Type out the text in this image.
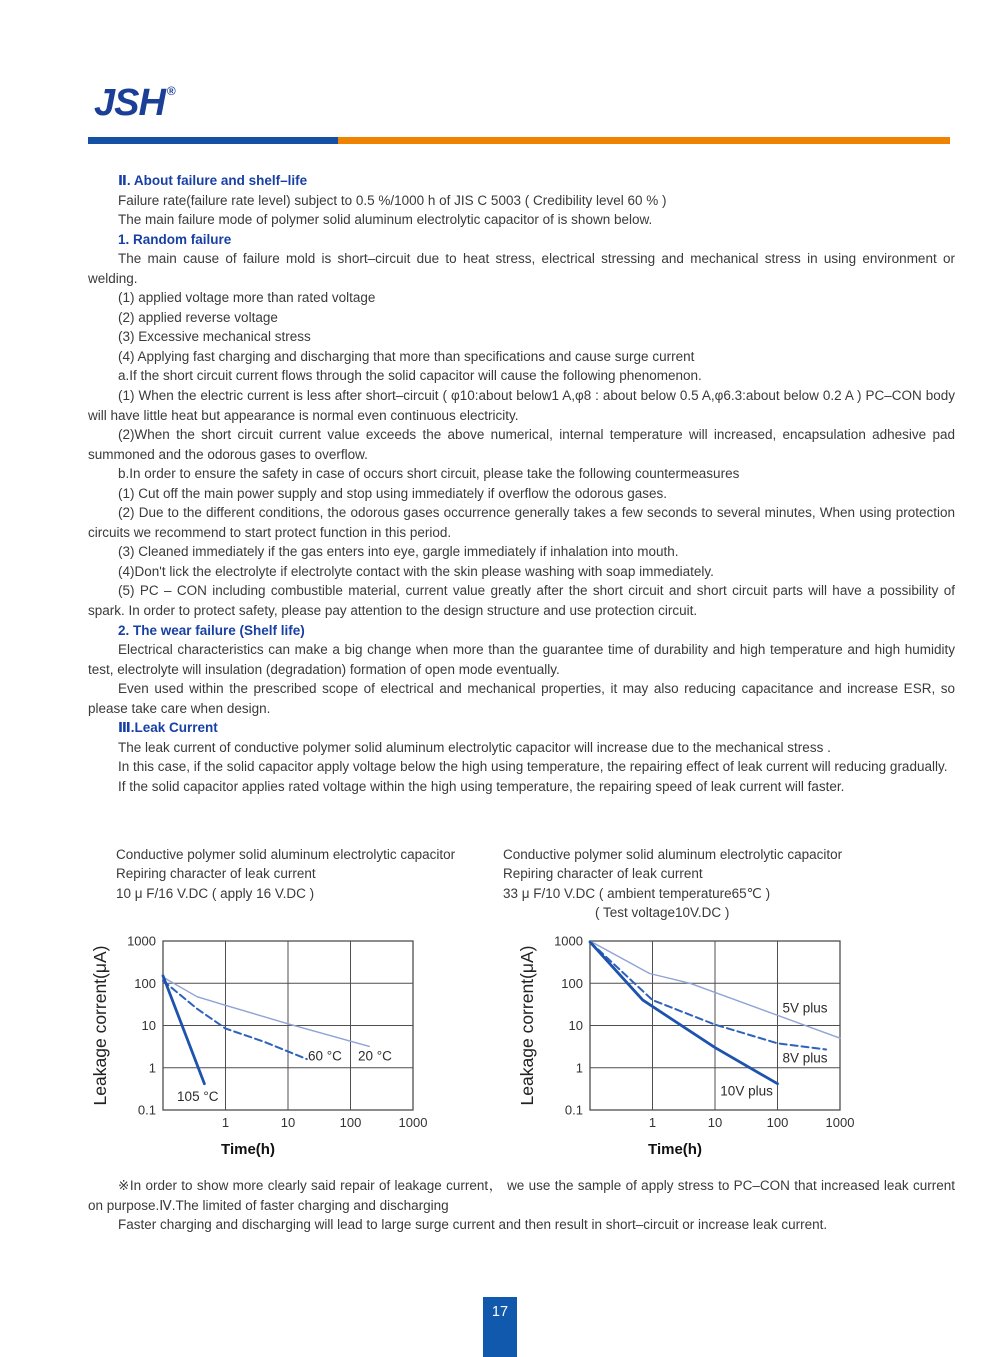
JSH ®

Ⅱ. About failure and shelf–life

Failure rate(failure rate level) subject to 0.5 %/1000 h of JIS C 5003 ( Credibility level 60 % )

The main failure mode of polymer solid aluminum electrolytic capacitor of is shown below.

1. Random failure

The main cause of failure mold is short–circuit due to heat stress, electrical stressing and mechanical stress in using environment or welding.

(1) applied voltage more than rated voltage

(2) applied reverse voltage

(3) Excessive mechanical stress

(4) Applying fast charging and discharging that more than specifications and cause surge current

a.If the short circuit current flows through the solid capacitor will cause the following phenomenon.

(1) When the electric current is less after short–circuit ( φ10:about below1 A,φ8 : about below 0.5 A,φ6.3:about below 0.2 A ) PC–CON body will have little heat but appearance is normal even continuous electricity.

(2)When the short circuit current value exceeds the above numerical, internal temperature will increased, encapsulation adhesive pad summoned and the odorous gases to overflow.

b.In order to ensure the safety in case of occurs short circuit, please take the following countermeasures

(1) Cut off the main power supply and stop using immediately if overflow the odorous gases.

(2) Due to the different conditions, the odorous gases occurrence generally takes a few seconds to several minutes, When using protection circuits we recommend to start protect function in this period.

(3) Cleaned immediately if the gas enters into eye, gargle immediately if inhalation into mouth.

(4)Don't lick the electrolyte if electrolyte contact with the skin please washing with soap immediately.

(5) PC – CON including combustible material, current value greatly after the short circuit and short circuit parts will have a possibility of spark. In order to protect safety, please pay attention to the design structure and use protection circuit.

2. The wear failure (Shelf life)

Electrical characteristics can make a big change when more than the guarantee time of durability and high temperature and high humidity test, electrolyte will insulation (degradation) formation of open mode eventually.

Even used within the prescribed scope of electrical and mechanical properties, it may also reducing capacitance and increase ESR, so please take care when design.

Ⅲ.Leak Current

The leak current of conductive polymer solid aluminum electrolytic capacitor will increase due to the mechanical stress .

In this case, if the solid capacitor apply voltage below the high using temperature, the repairing effect of leak current will reducing gradually.

If the solid capacitor applies rated voltage within the high using temperature, the repairing speed of leak current will faster.

Conductive polymer solid aluminum electrolytic capacitor
Repiring character of leak current
10 μ F/16 V.DC ( apply 16 V.DC )
Conductive polymer solid aluminum electrolytic capacitor
Repiring character of leak current
33 μ F/10 V.DC ( ambient temperature65℃ )
( Test voltage10V.DC )
1000
100
10
1
0.1
1	10	100	1000
20 °C
60 °C
105 °C
Leakage corrent(μA)
Time(h)
1000
100
10
1
0.1
1	10	100	1000
5V plus
8V plus
10V plus
Leakage corrent(μA)
Time(h)

※In order to show more clearly said repair of leakage current， we use the sample of apply stress to PC–CON that increased leak current on purpose.Ⅳ.The limited of faster charging and discharging

Faster charging and discharging will lead to large surge current and then result in short–circuit or increase leak current.

17
